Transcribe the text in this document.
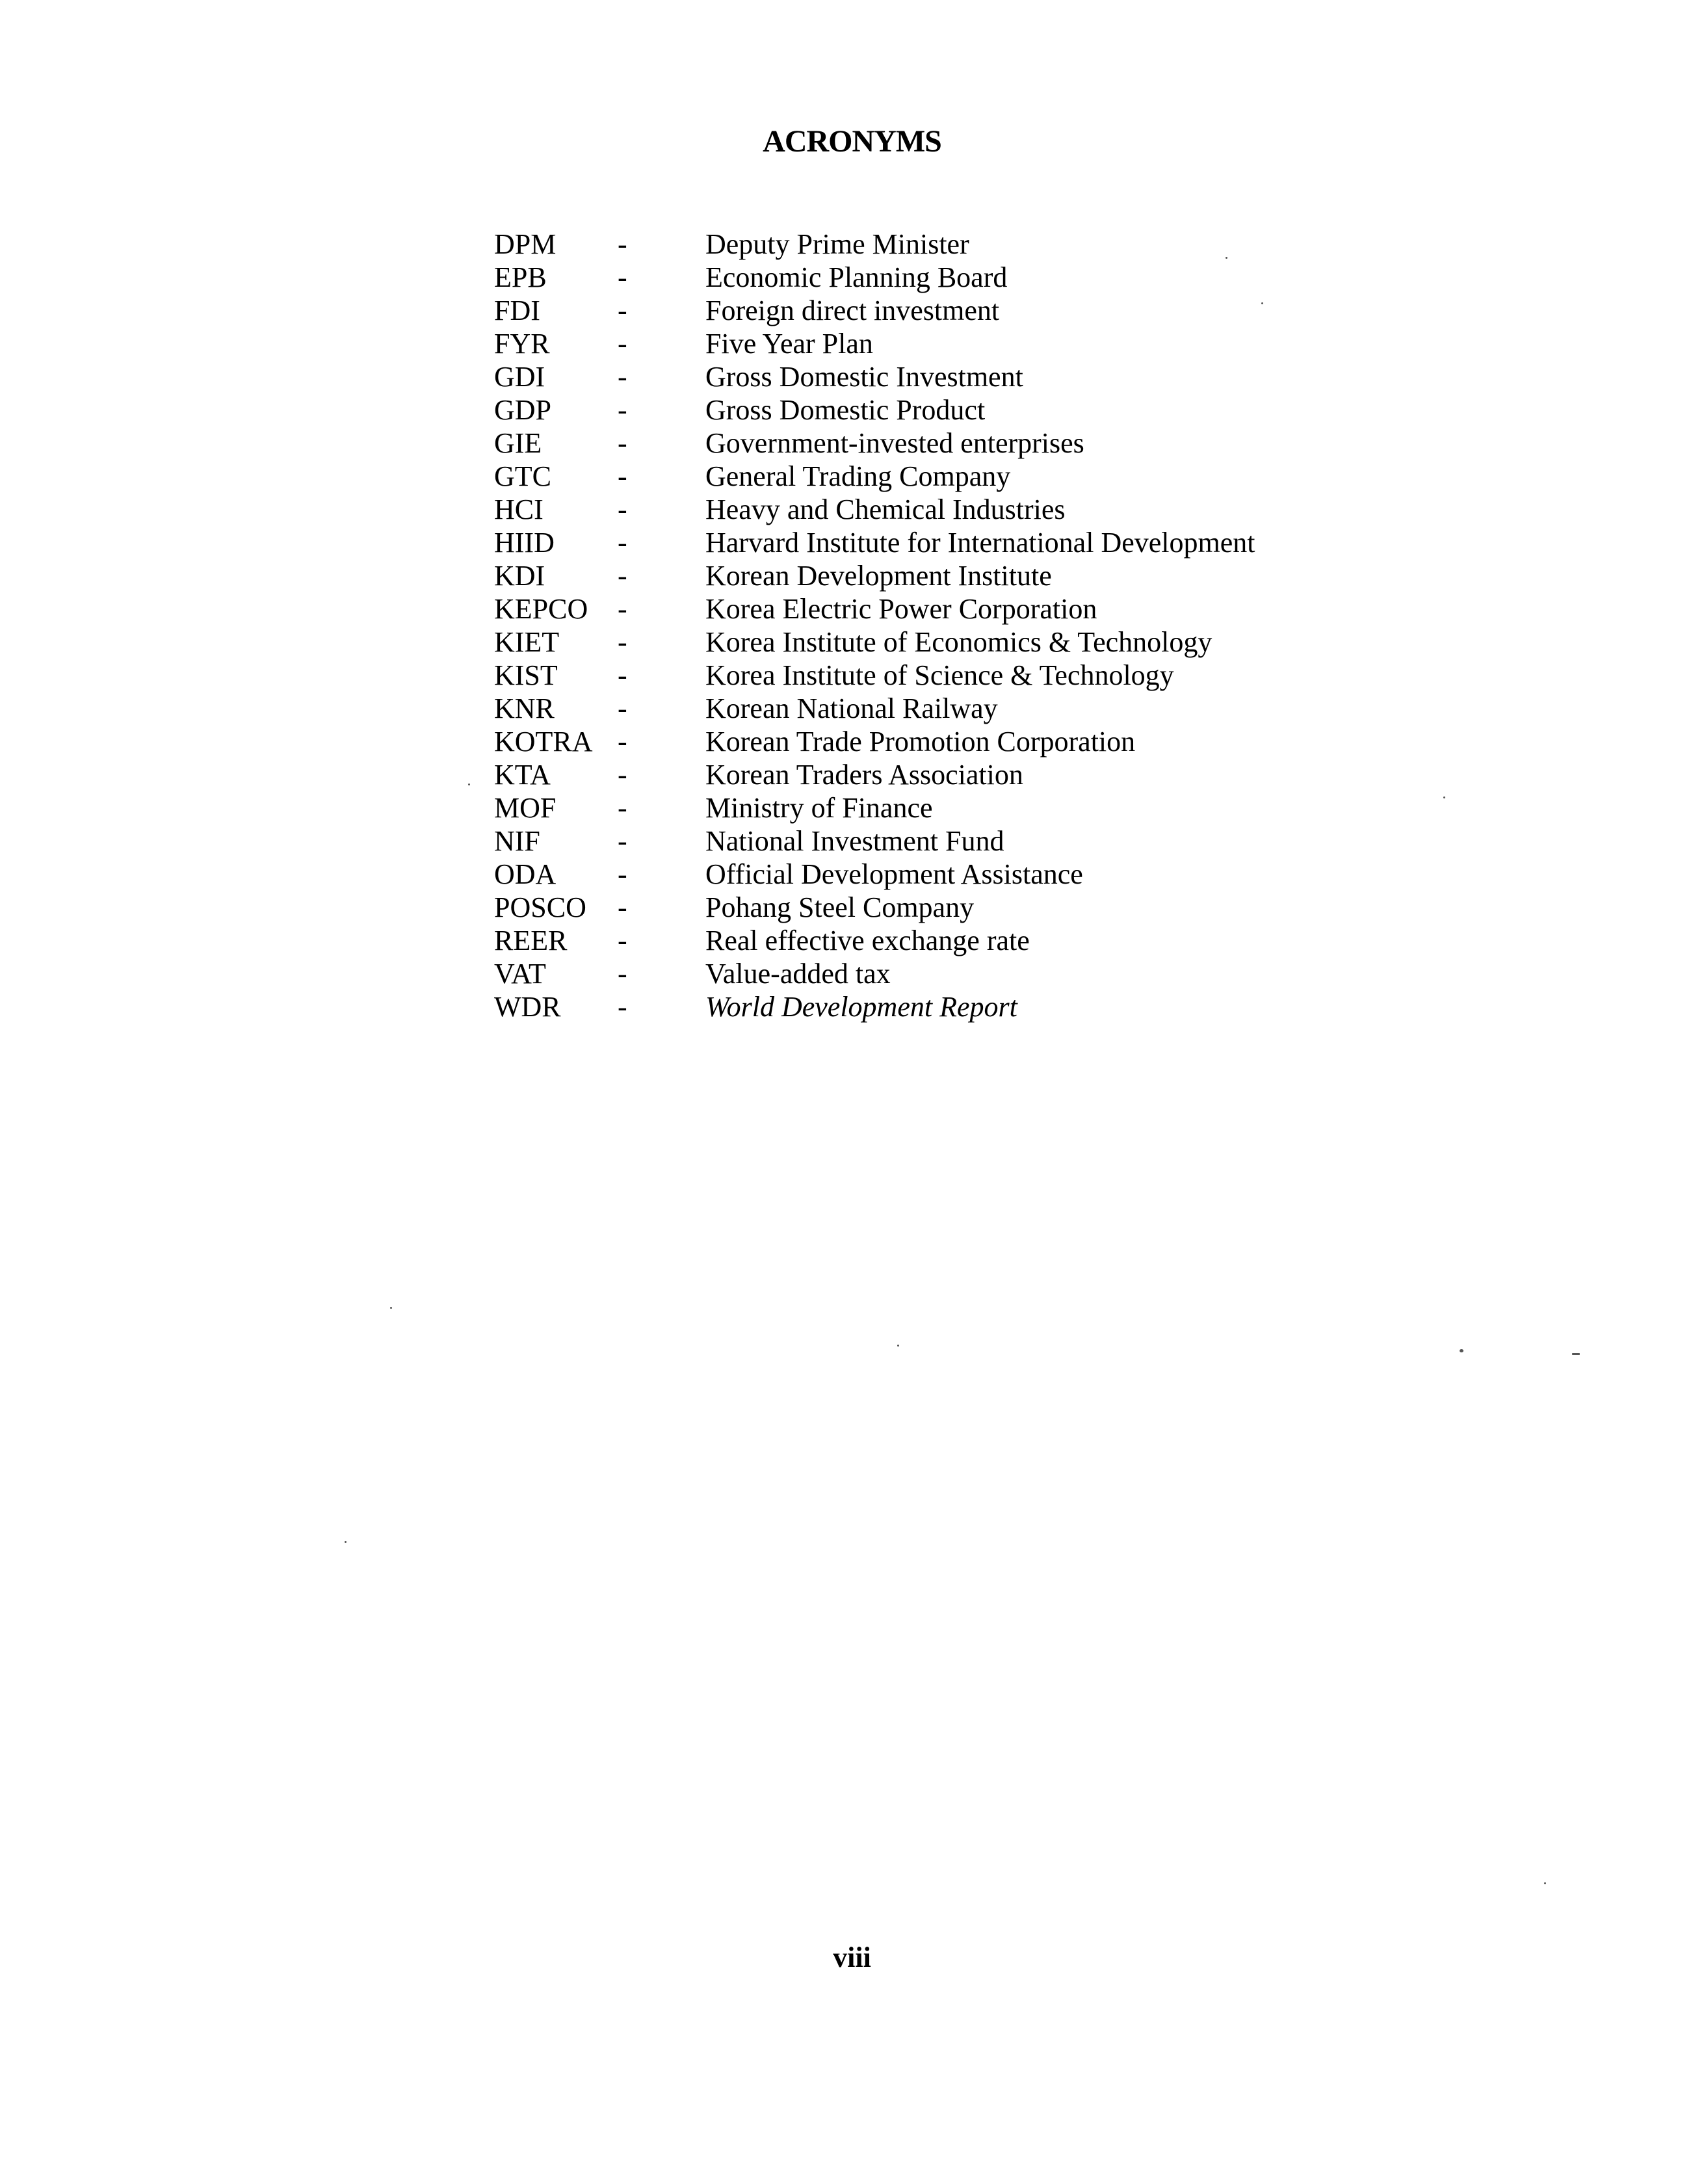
ACRONYMS
DPM -	Deputy Prime Minister
EPB -	Economic Planning Board
FDI	-	Foreign direct investment
FYR -	Five Year Plan
GDI	-	Gross Domestic Investment
GDP -	Gross Domestic Product
GIE	-	Government-invested enterprises
GTC -	General Trading Company
HCI	-	Heavy and Chemical Industries
HIID -	Harvard Institute for International Development
KDI	-	Korean Development Institute
KEPCO -	Korea Electric Power Corporation
KIET -	Korea Institute of Economics & Technology
KIST -	Korea Institute of Science & Technology
KNR -	Korean National Railway
KOTRA -	Korean Trade Promotion Corporation
KTA -	Korean Traders Association
MOF -	Ministry of Finance
NIF	-	National Investment Fund
ODA -	Official Development Assistance
POSCO -	Pohang Steel Company
REER -	Real effective exchange rate
VAT	-	Value-added tax
WDR -	World Development Report
viii
